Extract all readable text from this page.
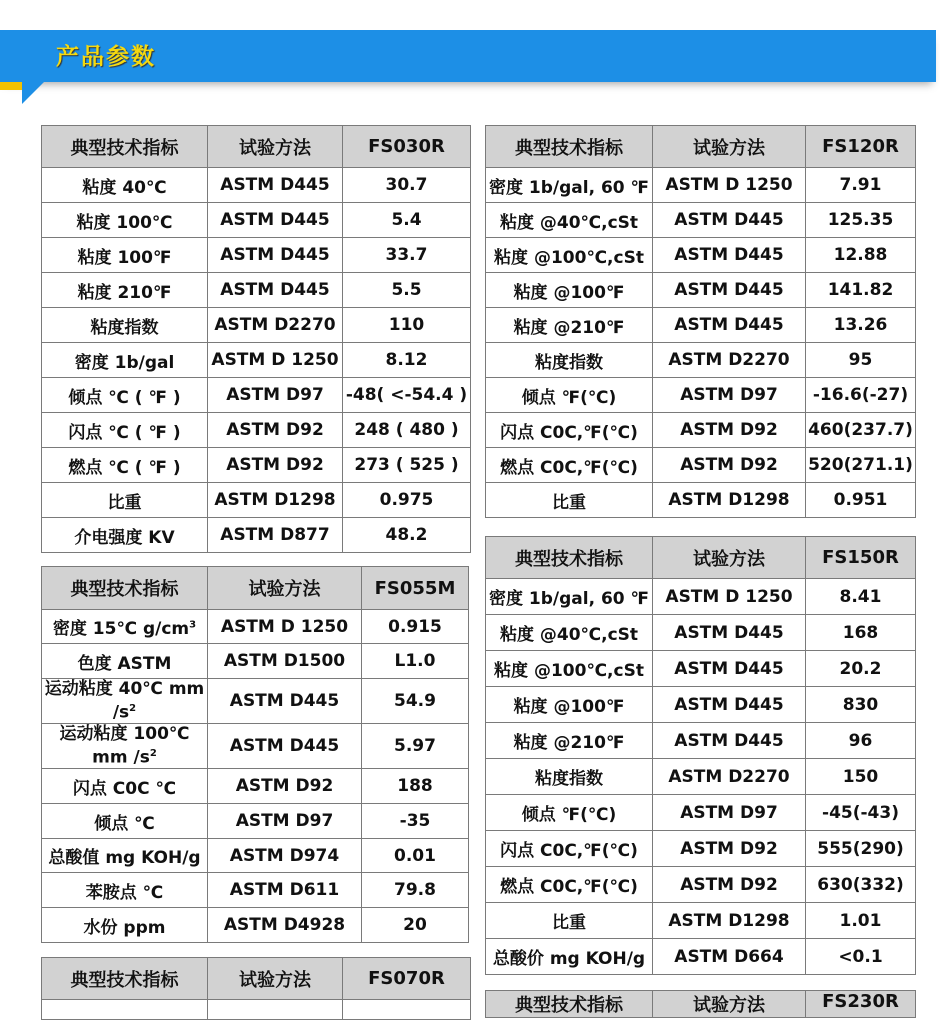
产品参数
典型技术指标	试验方法	FS030R
粘度 40℃	ASTM D445	30.7
粘度 100℃	ASTM D445	5.4
粘度 100℉	ASTM D445	33.7
粘度 210℉	ASTM D445	5.5
粘度指数	ASTM D2270	110
密度 1b/gal	ASTM D 1250	8.12
倾点 ℃ ( ℉ )	ASTM D97	-48( <-54.4 )
闪点 ℃ ( ℉ )	ASTM D92	248 ( 480 )
燃点 ℃ ( ℉ )	ASTM D92	273 ( 525 )
比重	ASTM D1298	0.975
介电强度 KV	ASTM D877	48.2
典型技术指标	试验方法	FS055M
密度 15℃ $g/cm^3$	ASTM D 1250	0.915
色度 ASTM	ASTM D1500	L1.0
运动粘度 40℃ mm $/s^2$	ASTM D445	54.9
运动粘度 100℃ mm $/s^2$	ASTM D445	5.97
闪点 C0C ℃	ASTM D92	188
倾点 ℃	ASTM D97	-35
总酸值 mg KOH/g	ASTM D974	0.01
苯胺点 ℃	ASTM D611	79.8
水份 ppm	ASTM D4928	20
典型技术指标	试验方法	FS070R

典型技术指标	试验方法	FS120R
密度 1b/gal, 60 ℉	ASTM D 1250	7.91
粘度 @40℃,cSt	ASTM D445	125.35
粘度 @100℃,cSt	ASTM D445	12.88
粘度 @100℉	ASTM D445	141.82
粘度 @210℉	ASTM D445	13.26
粘度指数	ASTM D2270	95
倾点 ℉(℃)	ASTM D97	-16.6(-27)
闪点 C0C,℉(℃)	ASTM D92	460(237.7)
燃点 C0C,℉(℃)	ASTM D92	520(271.1)
比重	ASTM D1298	0.951
典型技术指标	试验方法	FS150R
密度 1b/gal, 60 ℉	ASTM D 1250	8.41
粘度 @40℃,cSt	ASTM D445	168
粘度 @100℃,cSt	ASTM D445	20.2
粘度 @100℉	ASTM D445	830
粘度 @210℉	ASTM D445	96
粘度指数	ASTM D2270	150
倾点 ℉(℃)	ASTM D97	-45(-43)
闪点 C0C,℉(℃)	ASTM D92	555(290)
燃点 C0C,℉(℃)	ASTM D92	630(332)
比重	ASTM D1298	1.01
总酸价 mg KOH/g	ASTM D664	<0.1
典型技术指标	试验方法	FS230R
